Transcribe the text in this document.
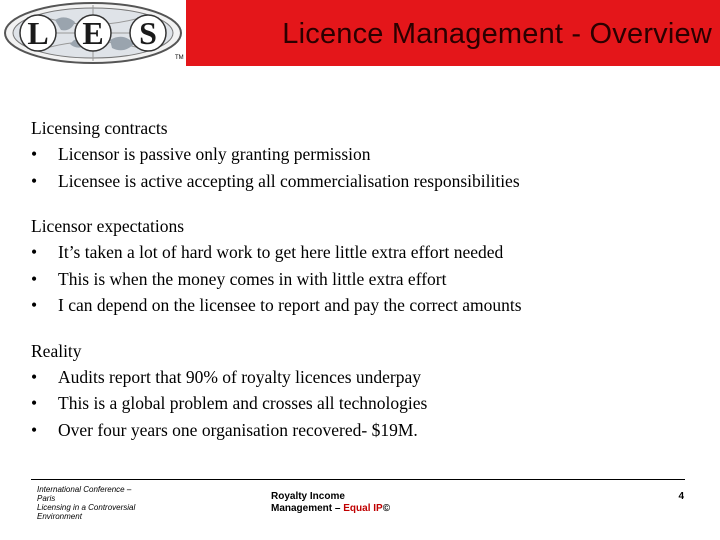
L E S
TM
Licence Management - Overview
Licensing contracts
• Licensor is passive only granting permission
• Licensee is active accepting all commercialisation responsibilities
Licensor expectations
• It’s taken a lot of hard work to get here little extra effort needed
• This is when the money comes in with little extra effort
• I can depend on the licensee to report and pay the correct amounts
Reality
• Audits report that 90% of royalty licences underpay
• This is a global problem and crosses all technologies
• Over four years one organisation recovered- $19M.
International Conference –
Paris
Licensing in a Controversial
Environment
Royalty Income
Management – Equal IP©
4
